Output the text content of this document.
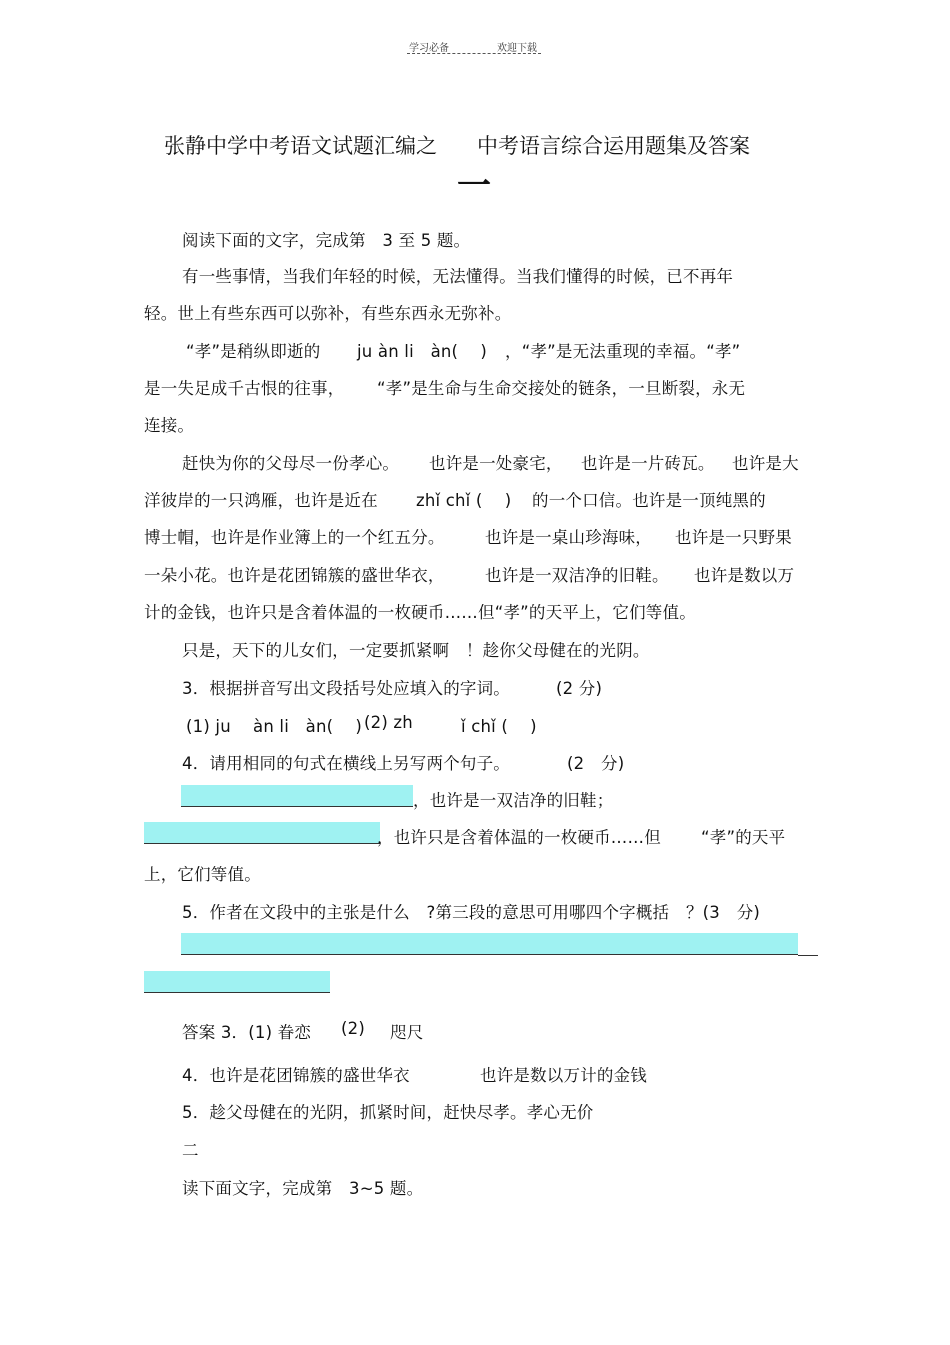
学习必备	欢迎下载
张静中学中考语文试题汇编之 中考语言综合运用题集及答案
一
阅读下面的文字，完成第　3 至 5 题。
有一些事情，当我们年轻的时候，无法懂得。当我们懂得的时候，已不再年
轻。世上有些东西可以弥补，有些东西永无弥补。
“孝”是稍纵即逝的 ju àn li　àn(　 ) ，“孝”是无法重现的幸福。“孝”
是一失足成千古恨的往事， “孝”是生命与生命交接处的链条，一旦断裂，永无
连接。
赶快为你的父母尽一份孝心。 也许是一处豪宅， 也许是一片砖瓦。 也许是大
洋彼岸的一只鸿雁，也许是近在 zhǐ chǐ (　 ) 的一个口信。也许是一顶纯黑的
博士帽，也许是作业簿上的一个红五分。 也许是一桌山珍海味， 也许是一只野果
一朵小花。也许是花团锦簇的盛世华衣， 也许是一双洁净的旧鞋。 也许是数以万
计的金钱，也许只是含着体温的一枚硬币……但“孝”的天平上，它们等值。
只是，天下的儿女们，一定要抓紧啊　！趁你父母健在的光阴。
3．根据拼音写出文段括号处应填入的字词。	(2 分)
(1) ju　 àn li　àn(　 ) (2) zh	ǐ chǐ (　 )
4．请用相同的句式在横线上另写两个句子。	(2　分)
，也许是一双洁净的旧鞋；
，也许只是含着体温的一枚硬币……但 “孝”的天平
上，它们等值。
5．作者在文段中的主张是什么　?第三段的意思可用哪四个字概括　？(3　分)
答案 3．(1) 眷恋 (2) 咫尺
4．也许是花团锦簇的盛世华衣	也许是数以万计的金钱
5．趁父母健在的光阴，抓紧时间，赶快尽孝。孝心无价
二
读下面文字，完成第　3~5 题。
